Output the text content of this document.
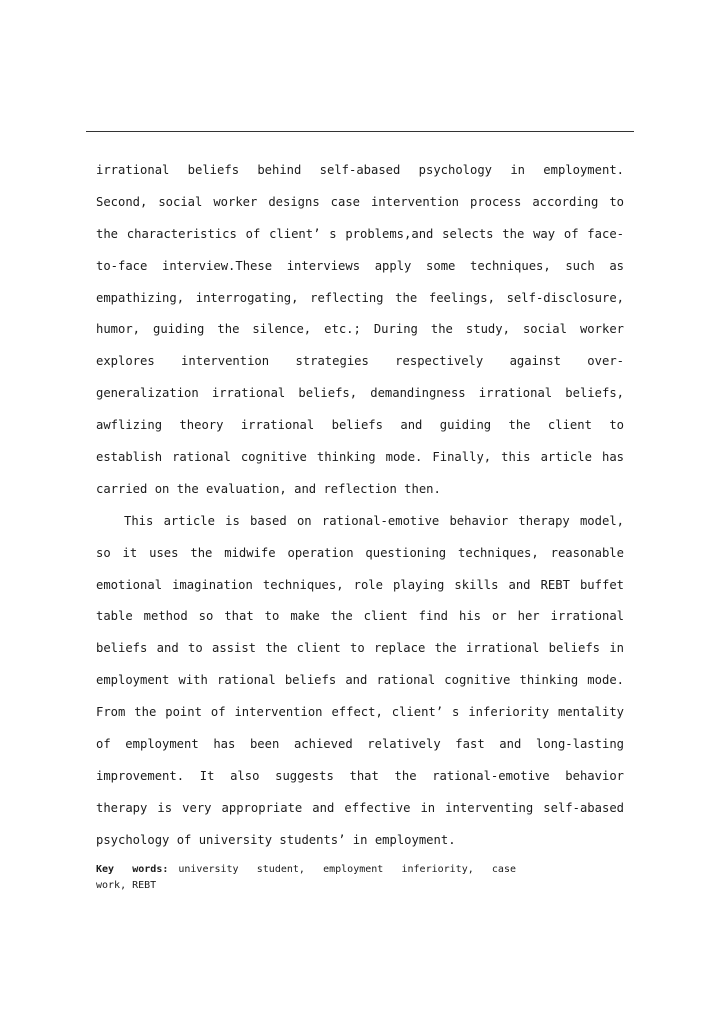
irrational beliefs behind self-abased psychology in employment.
Second, social worker designs case intervention process according to
the characteristics of client’ s problems,and selects the way of face-
to-face interview.These interviews apply some techniques, such as
empathizing, interrogating, reflecting the feelings, self-disclosure,
humor, guiding the silence, etc.; During the study, social worker
explores intervention strategies respectively against over-
generalization irrational beliefs, demandingness irrational beliefs,
awflizing theory irrational beliefs and guiding the client to
establish rational cognitive thinking mode. Finally, this article has
carried on the evaluation, and reflection then.
This article is based on rational-emotive behavior therapy model,
so it uses the midwife operation questioning techniques, reasonable
emotional imagination techniques, role playing skills and REBT buffet
table method so that to make the client find his or her irrational
beliefs and to assist the client to replace the irrational beliefs in
employment with rational beliefs and rational cognitive thinking mode.
From the point of intervention effect, client’ s inferiority mentality
of employment has been achieved relatively fast and long-lasting
improvement. It also suggests that the rational-emotive behavior
therapy is very appropriate and effective in interventing self-abased
psychology of university students’ in employment.
Key words: university student, employment inferiority, case
work, REBT
